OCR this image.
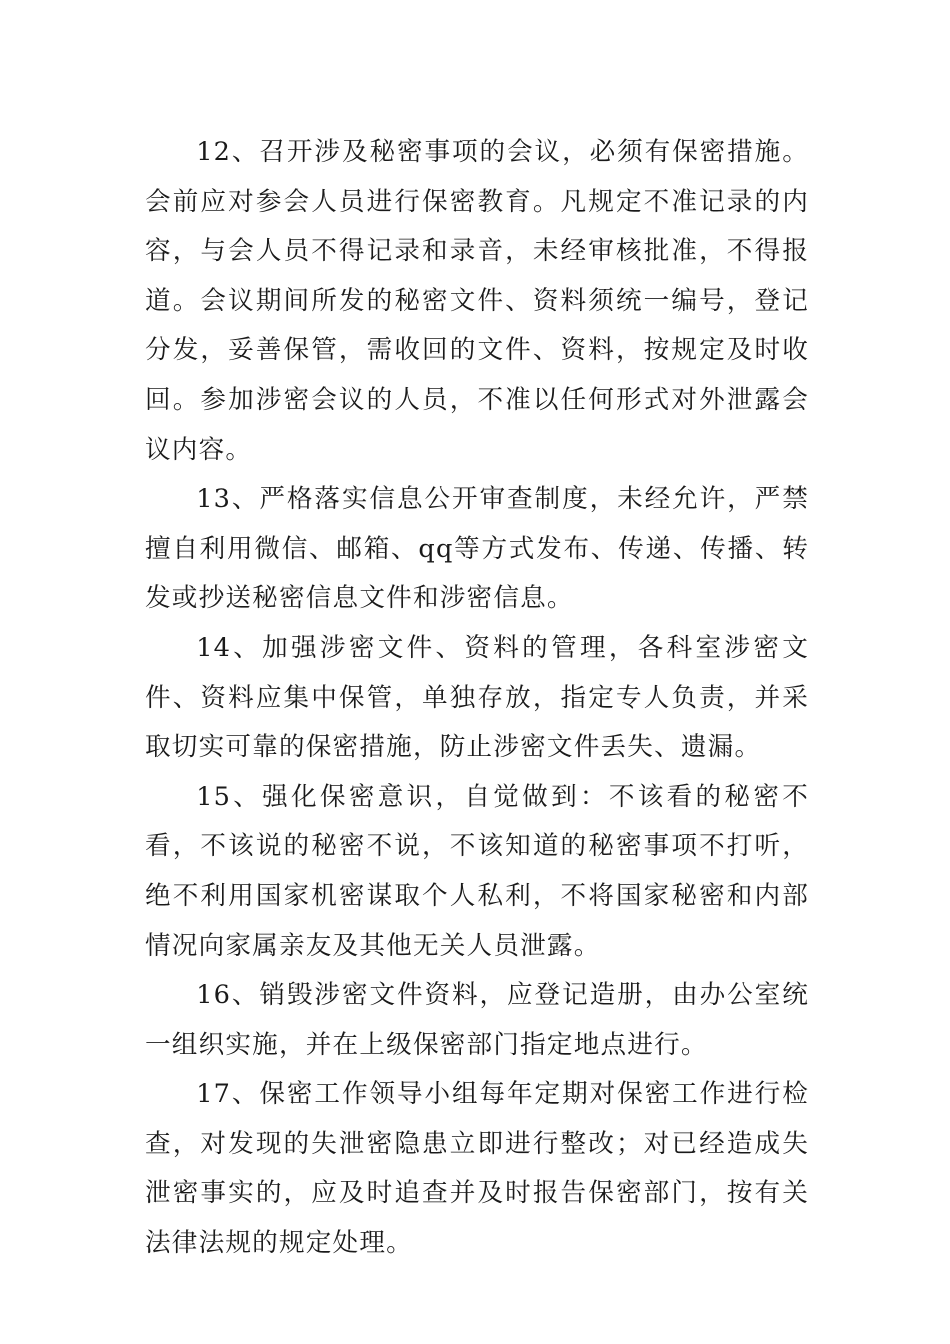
12、召开涉及秘密事项的会议，必须有保密措施。会前应对参会人员进行保密教育。凡规定不准记录的内容，与会人员不得记录和录音，未经审核批准，不得报道。会议期间所发的秘密文件、资料须统一编号，登记分发，妥善保管，需收回的文件、资料，按规定及时收回。参加涉密会议的人员，不准以任何形式对外泄露会议内容。

13、严格落实信息公开审查制度，未经允许，严禁擅自利用微信、邮箱、qq等方式发布、传递、传播、转发或抄送秘密信息文件和涉密信息。

14、加强涉密文件、资料的管理，各科室涉密文件、资料应集中保管，单独存放，指定专人负责，并采取切实可靠的保密措施，防止涉密文件丢失、遗漏。

15、强化保密意识，自觉做到：不该看的秘密不看，不该说的秘密不说，不该知道的秘密事项不打听，绝不利用国家机密谋取个人私利，不将国家秘密和内部情况向家属亲友及其他无关人员泄露。

16、销毁涉密文件资料，应登记造册，由办公室统一组织实施，并在上级保密部门指定地点进行。

17、保密工作领导小组每年定期对保密工作进行检查，对发现的失泄密隐患立即进行整改；对已经造成失泄密事实的，应及时追查并及时报告保密部门，按有关法律法规的规定处理。
